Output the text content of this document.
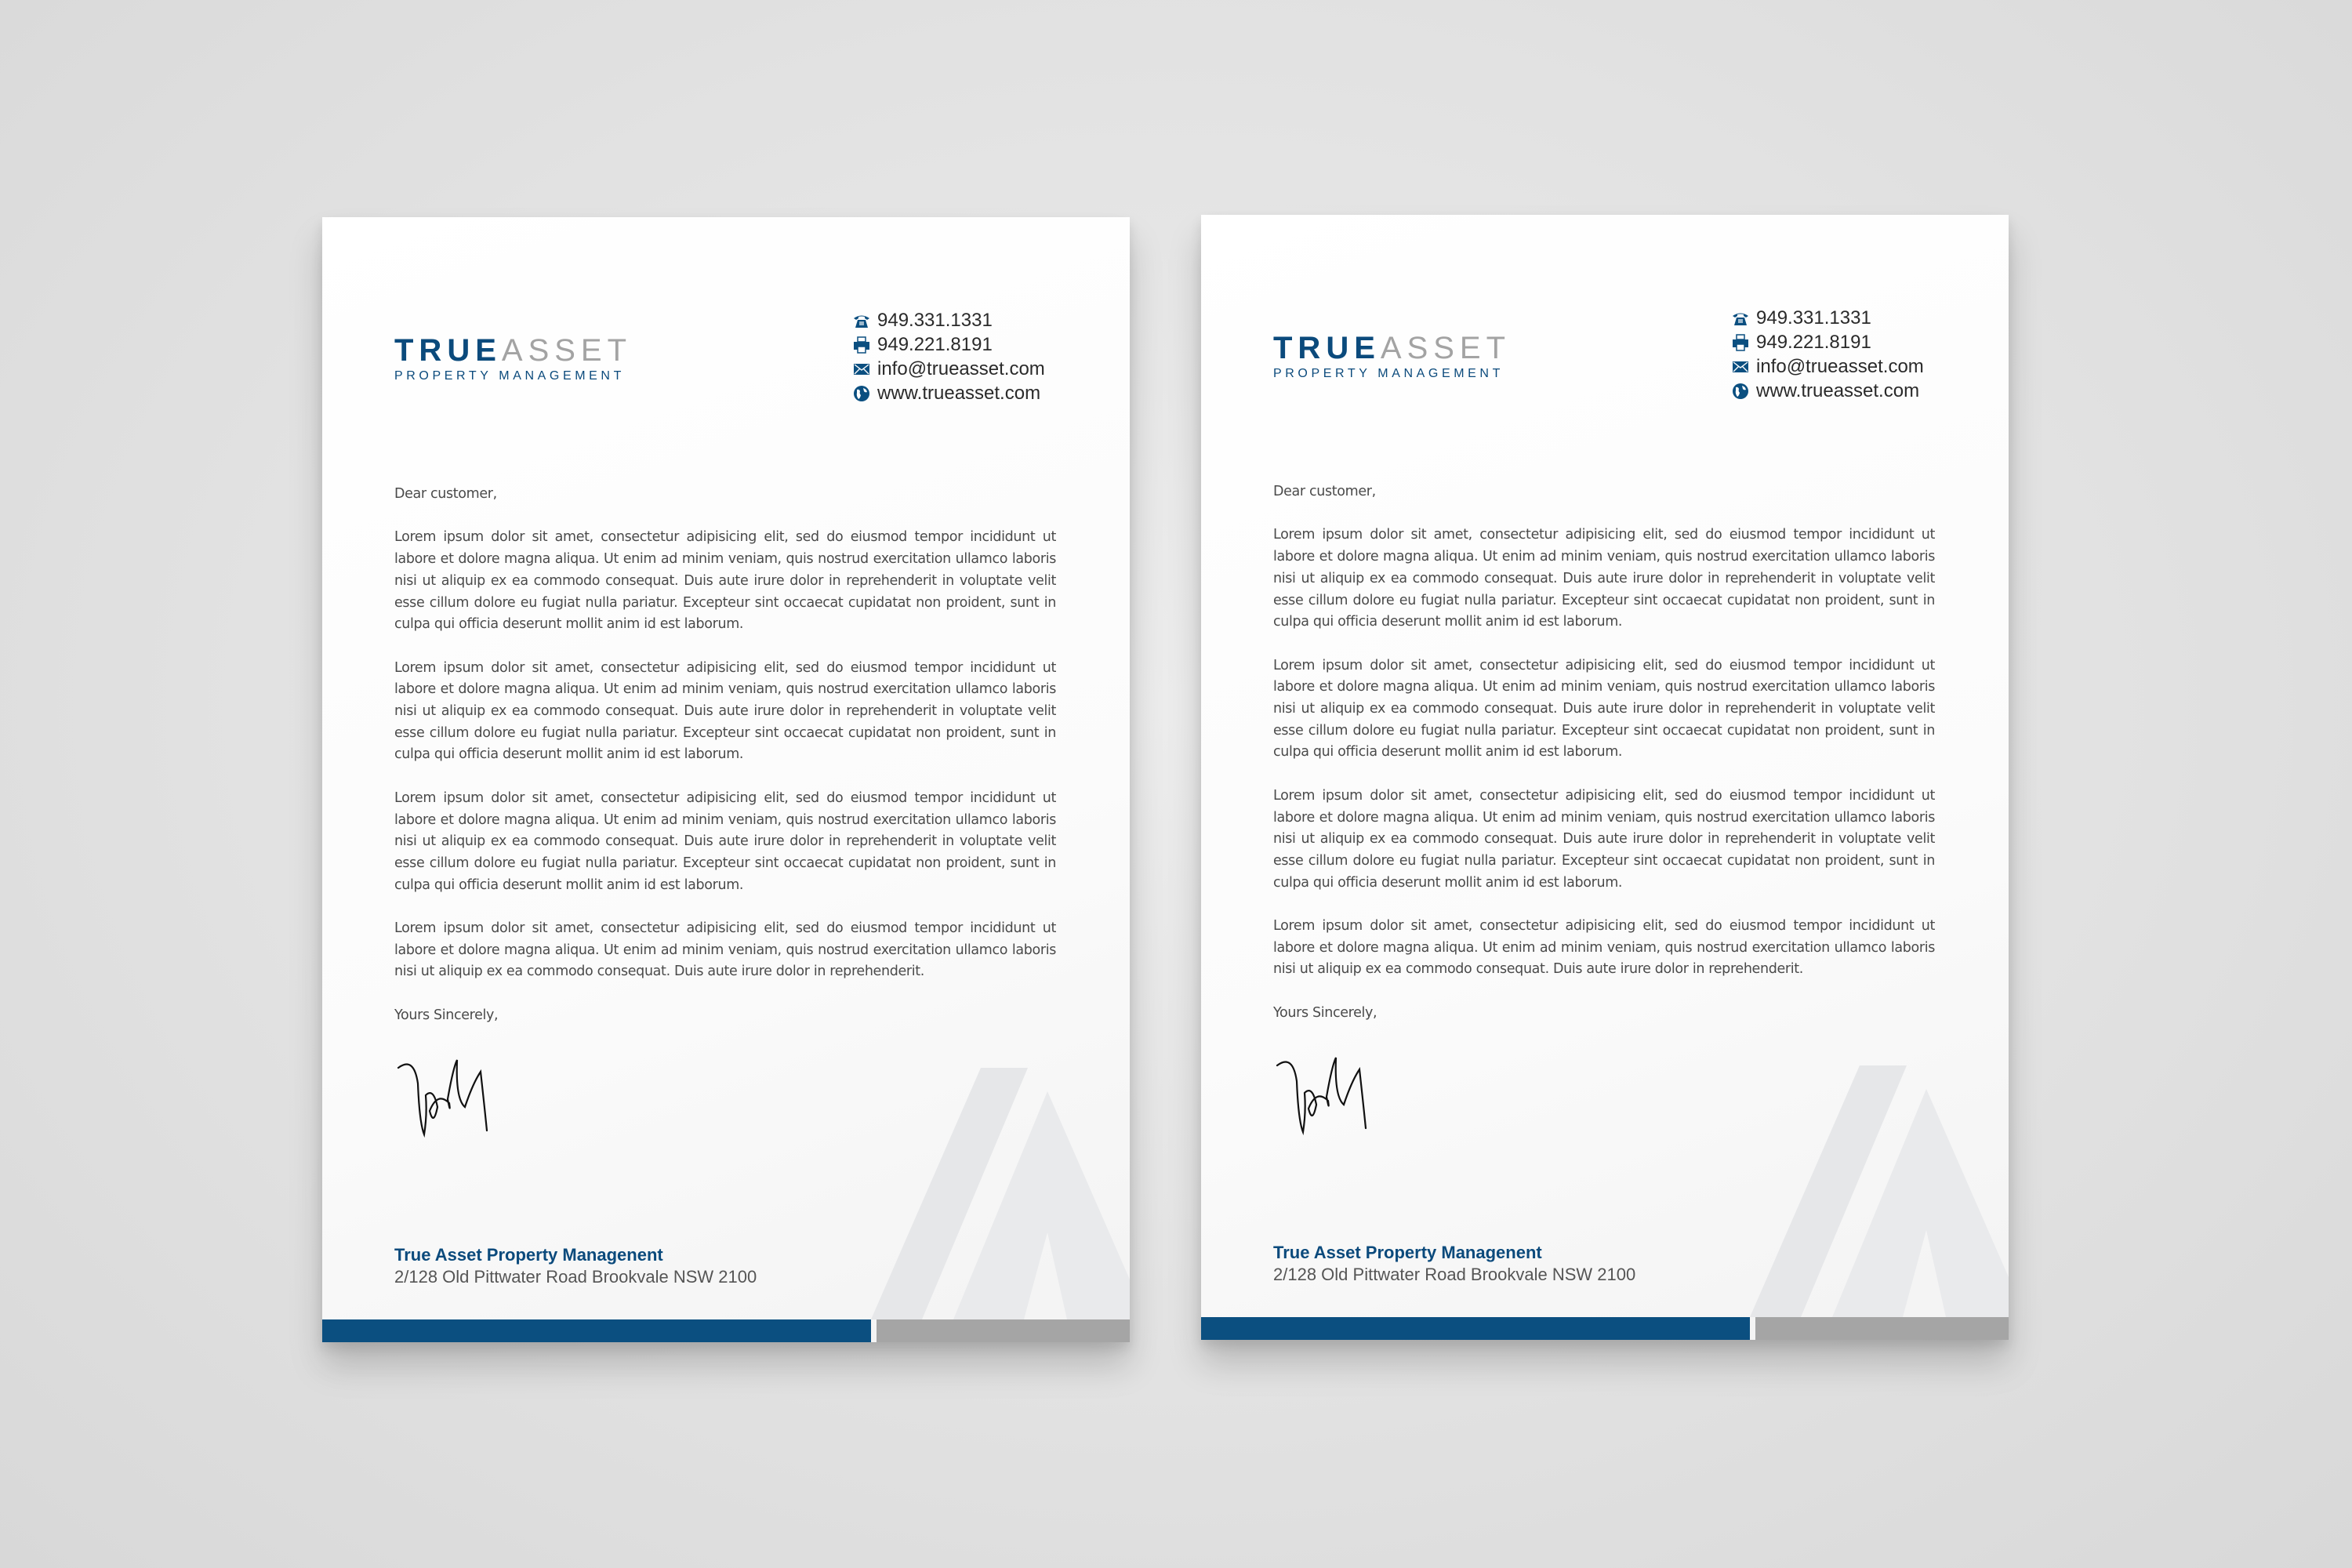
TRUEASSET
PROPERTY MANAGEMENT
949.331.1331
949.221.8191
info@trueasset.com
www.trueasset.com

Dear customer,

Lorem ipsum dolor sit amet, consectetur adipisicing elit, sed do eiusmod tempor incididunt ut labore et dolore magna aliqua. Ut enim ad minim veniam, quis nostrud exercitation ullamco laboris nisi ut aliquip ex ea commodo consequat. Duis aute irure dolor in reprehenderit in voluptate velit esse cillum dolore eu fugiat nulla pariatur. Excepteur sint occaecat cupidatat non proident, sunt in culpa qui officia deserunt mollit anim id est laborum.

Lorem ipsum dolor sit amet, consectetur adipisicing elit, sed do eiusmod tempor incididunt ut labore et dolore magna aliqua. Ut enim ad minim veniam, quis nostrud exercitation ullamco laboris nisi ut aliquip ex ea commodo consequat. Duis aute irure dolor in reprehenderit in voluptate velit esse cillum dolore eu fugiat nulla pariatur. Excepteur sint occaecat cupidatat non proident, sunt in culpa qui officia deserunt mollit anim id est laborum.

Lorem ipsum dolor sit amet, consectetur adipisicing elit, sed do eiusmod tempor incididunt ut labore et dolore magna aliqua. Ut enim ad minim veniam, quis nostrud exercitation ullamco laboris nisi ut aliquip ex ea commodo consequat. Duis aute irure dolor in reprehenderit in voluptate velit esse cillum dolore eu fugiat nulla pariatur. Excepteur sint occaecat cupidatat non proident, sunt in culpa qui officia deserunt mollit anim id est laborum.

Lorem ipsum dolor sit amet, consectetur adipisicing elit, sed do eiusmod tempor incididunt ut labore et dolore magna aliqua. Ut enim ad minim veniam, quis nostrud exercitation ullamco laboris nisi ut aliquip ex ea commodo consequat. Duis aute irure dolor in reprehenderit.

Yours Sincerely,

True Asset Property Managenent
2/128 Old Pittwater Road Brookvale NSW 2100
TRUEASSET
PROPERTY MANAGEMENT
949.331.1331
949.221.8191
info@trueasset.com
www.trueasset.com

Dear customer,

Lorem ipsum dolor sit amet, consectetur adipisicing elit, sed do eiusmod tempor incididunt ut labore et dolore magna aliqua. Ut enim ad minim veniam, quis nostrud exercitation ullamco laboris nisi ut aliquip ex ea commodo consequat. Duis aute irure dolor in reprehenderit in voluptate velit esse cillum dolore eu fugiat nulla pariatur. Excepteur sint occaecat cupidatat non proident, sunt in culpa qui officia deserunt mollit anim id est laborum.

Lorem ipsum dolor sit amet, consectetur adipisicing elit, sed do eiusmod tempor incididunt ut labore et dolore magna aliqua. Ut enim ad minim veniam, quis nostrud exercitation ullamco laboris nisi ut aliquip ex ea commodo consequat. Duis aute irure dolor in reprehenderit in voluptate velit esse cillum dolore eu fugiat nulla pariatur. Excepteur sint occaecat cupidatat non proident, sunt in culpa qui officia deserunt mollit anim id est laborum.

Lorem ipsum dolor sit amet, consectetur adipisicing elit, sed do eiusmod tempor incididunt ut labore et dolore magna aliqua. Ut enim ad minim veniam, quis nostrud exercitation ullamco laboris nisi ut aliquip ex ea commodo consequat. Duis aute irure dolor in reprehenderit in voluptate velit esse cillum dolore eu fugiat nulla pariatur. Excepteur sint occaecat cupidatat non proident, sunt in culpa qui officia deserunt mollit anim id est laborum.

Lorem ipsum dolor sit amet, consectetur adipisicing elit, sed do eiusmod tempor incididunt ut labore et dolore magna aliqua. Ut enim ad minim veniam, quis nostrud exercitation ullamco laboris nisi ut aliquip ex ea commodo consequat. Duis aute irure dolor in reprehenderit.

Yours Sincerely,

True Asset Property Managenent
2/128 Old Pittwater Road Brookvale NSW 2100
